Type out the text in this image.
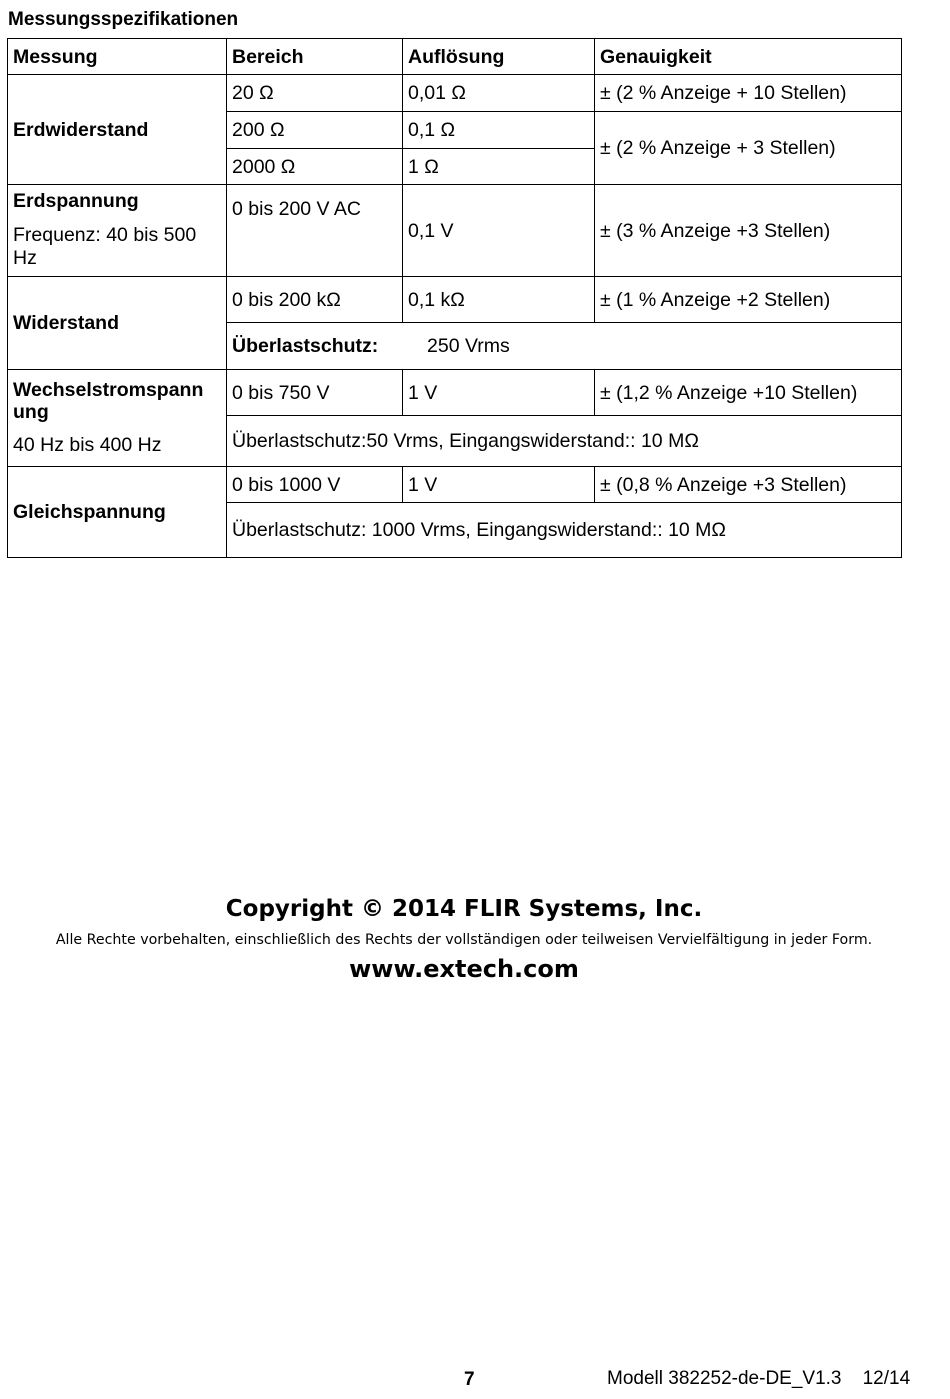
Messungsspezifikationen
Messung	Bereich	Auflösung	Genauigkeit
Erdwiderstand	20 Ω	0,01 Ω	± (2 % Anzeige + 10 Stellen)
	200 Ω	0,1 Ω	± (2 % Anzeige + 3 Stellen)
	2000 Ω	1 Ω	

Erdspannung
Frequenz: 40 bis 500 Hz	0 bis 200 V AC	0,1 V	± (3 % Anzeige +3 Stellen)
Widerstand	0 bis 200 kΩ	0,1 kΩ	± (1 % Anzeige +2 Stellen)
	Überlastschutz: 250 Vrms		

Wechselstromspann ung
40 Hz bis 400 Hz	0 bis 750 V	1 V	± (1,2 % Anzeige +10 Stellen)
	Überlastschutz:50 Vrms, Eingangswiderstand:: 10 MΩ		
Gleichspannung	0 bis 1000 V	1 V	± (0,8 % Anzeige +3 Stellen)
	Überlastschutz: 1000 Vrms, Eingangswiderstand:: 10 MΩ		
Copyright © 2014 FLIR Systems, Inc.
Alle Rechte vorbehalten, einschließlich des Rechts der vollständigen oder teilweisen Vervielfältigung in jeder Form.
www.extech.com
7	Modell 382252-de-DE_V1.3    12/14
